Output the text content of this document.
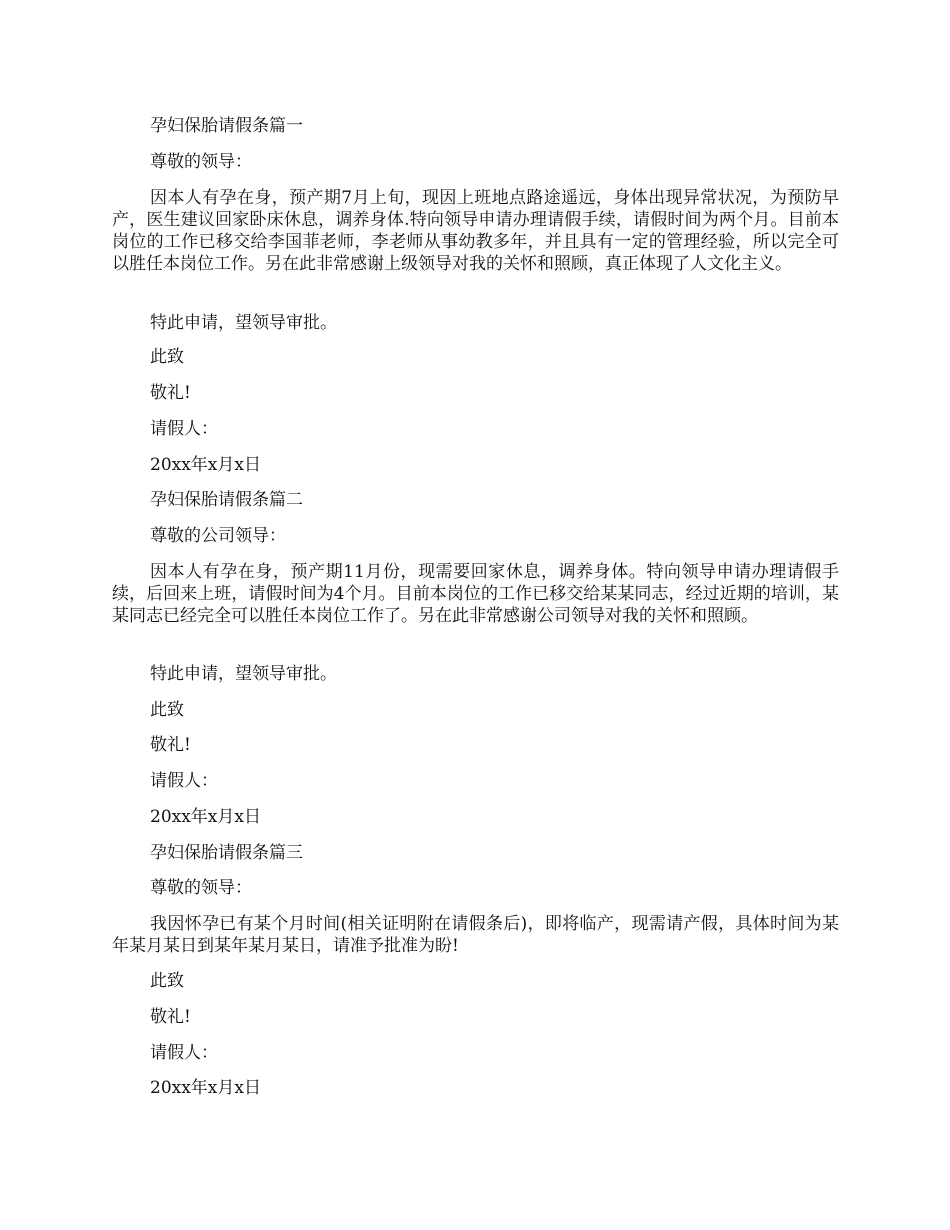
孕妇保胎请假条篇一
尊敬的领导：
因本人有孕在身，预产期7月上旬，现因上班地点路途遥远，身体出现异常状况，为预防早产，医生建议回家卧床休息，调养身体.特向领导申请办理请假手续，请假时间为两个月。目前本岗位的工作已移交给李国菲老师，李老师从事幼教多年，并且具有一定的管理经验，所以完全可以胜任本岗位工作。另在此非常感谢上级领导对我的关怀和照顾，真正体现了人文化主义。
特此申请，望领导审批。
此致
敬礼!
请假人：
20xx年x月x日
孕妇保胎请假条篇二
尊敬的公司领导：
因本人有孕在身，预产期11月份，现需要回家休息，调养身体。特向领导申请办理请假手续，后回来上班，请假时间为4个月。目前本岗位的工作已移交给某某同志，经过近期的培训，某某同志已经完全可以胜任本岗位工作了。另在此非常感谢公司领导对我的关怀和照顾。
特此申请，望领导审批。
此致
敬礼!
请假人：
20xx年x月x日
孕妇保胎请假条篇三
尊敬的领导：
我因怀孕已有某个月时间(相关证明附在请假条后)，即将临产，现需请产假，具体时间为某年某月某日到某年某月某日，请准予批准为盼!
此致
敬礼!
请假人：
20xx年x月x日
